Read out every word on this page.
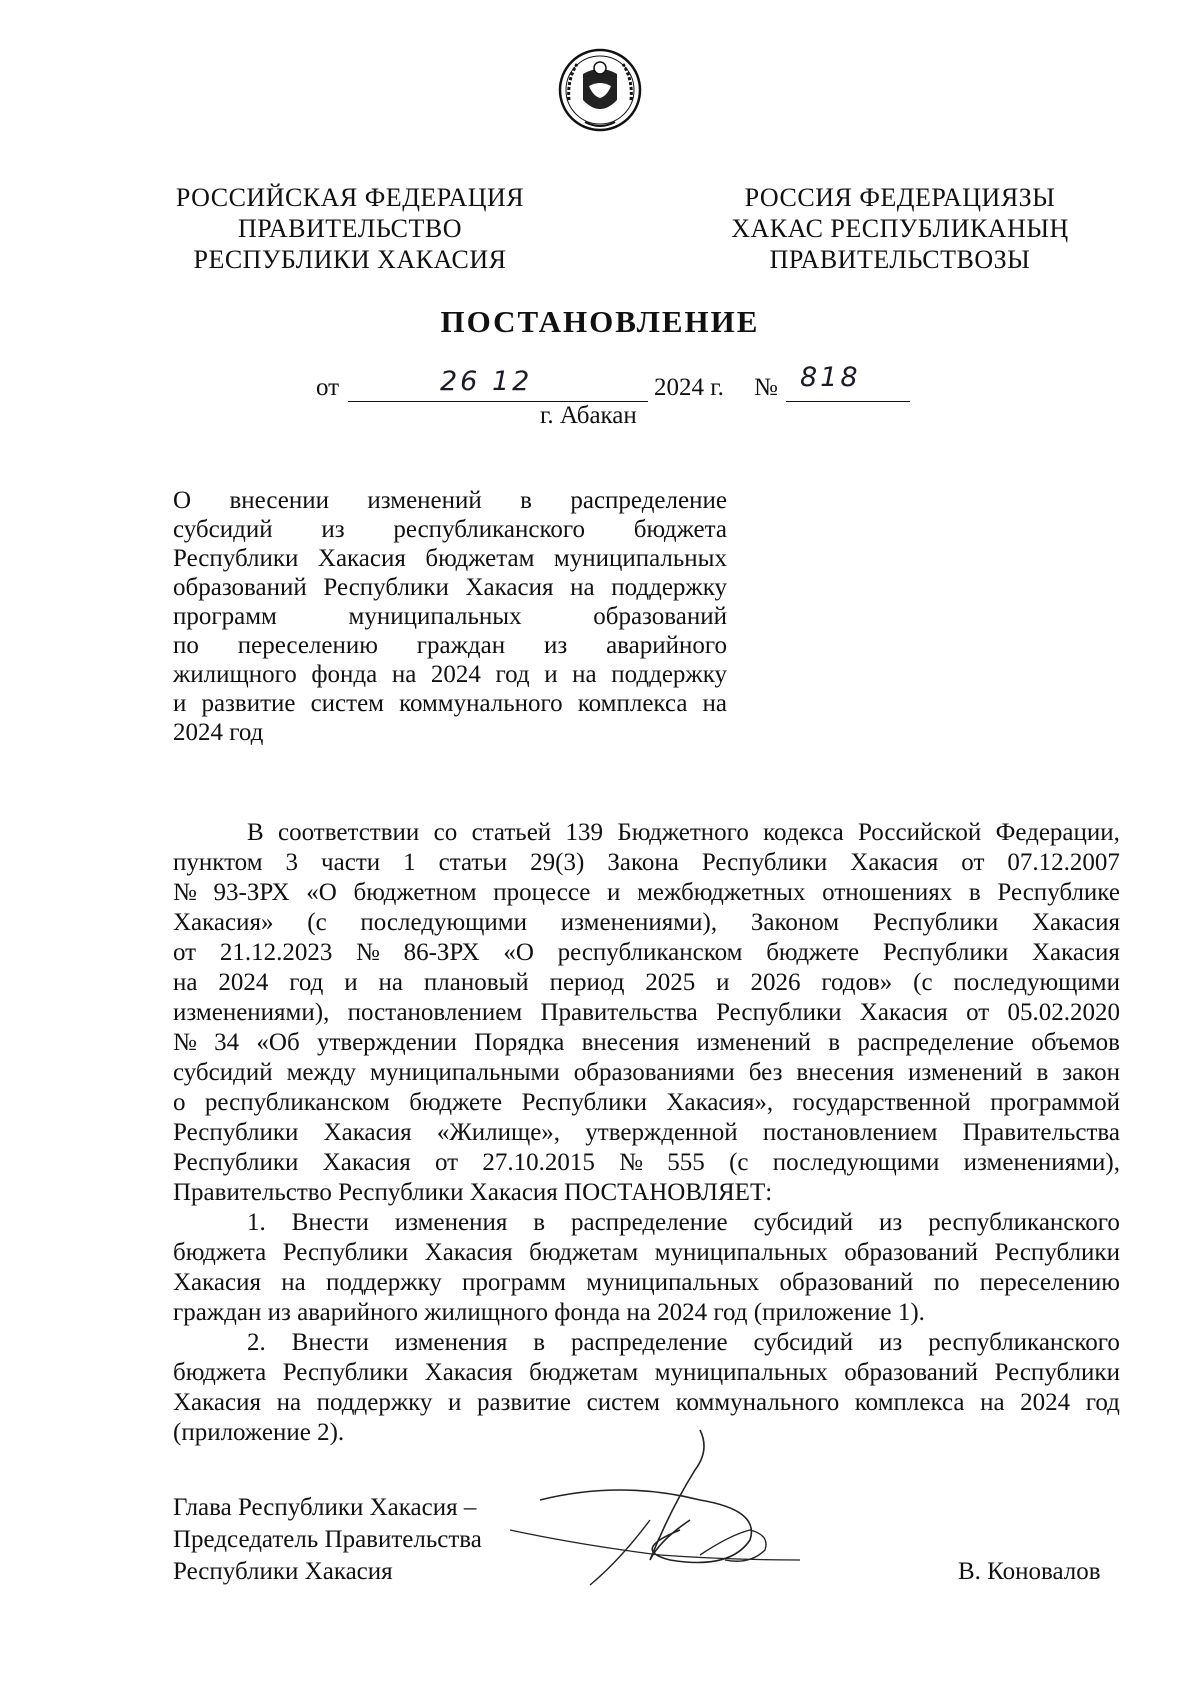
РОССИЙСКАЯ ФЕДЕРАЦИЯ
ПРАВИТЕЛЬСТВО
РЕСПУБЛИКИ ХАКАСИЯ
РОССИЯ ФЕДЕРАЦИЯЗЫ
ХАКАС РЕСПУБЛИКАНЫҢ
ПРАВИТЕЛЬСТВОЗЫ
ПОСТАНОВЛЕНИЕ
от	26 12	2024 г. № 818
г. Абакан
О внесении изменений в распределение
субсидий из республиканского бюджета
Республики Хакасия бюджетам муниципальных
образований Республики Хакасия на поддержку
программ	муниципальных	образований
по переселению граждан из аварийного
жилищного фонда на 2024 год и на поддержку
и развитие систем коммунального комплекса на
2024 год
В соответствии со статьей 139 Бюджетного кодекса Российской Федерации,
пунктом 3 части 1 статьи 29(3) Закона Республики Хакасия от 07.12.2007
№ 93-ЗРХ «О бюджетном процессе и межбюджетных отношениях в Республике
Хакасия» (с последующими изменениями), Законом Республики Хакасия
от 21.12.2023 № 86-ЗРХ «О республиканском бюджете Республики Хакасия
на 2024 год и на плановый период 2025 и 2026 годов» (с последующими
изменениями), постановлением Правительства Республики Хакасия от 05.02.2020
№ 34 «Об утверждении Порядка внесения изменений в распределение объемов
субсидий между муниципальными образованиями без внесения изменений в закон
о республиканском бюджете Республики Хакасия», государственной программой
Республики Хакасия «Жилище», утвержденной постановлением Правительства
Республики Хакасия от 27.10.2015 № 555 (с последующими изменениями),
Правительство Республики Хакасия ПОСТАНОВЛЯЕТ:
1. Внести изменения в распределение субсидий из республиканского
бюджета Республики Хакасия бюджетам муниципальных образований Республики
Хакасия на поддержку программ муниципальных образований по переселению
граждан из аварийного жилищного фонда на 2024 год (приложение 1).
2. Внести изменения в распределение субсидий из республиканского
бюджета Республики Хакасия бюджетам муниципальных образований Республики
Хакасия на поддержку и развитие систем коммунального комплекса на 2024 год
(приложение 2).
Глава Республики Хакасия –
Председатель Правительства
Республики Хакасия	В. Коновалов
